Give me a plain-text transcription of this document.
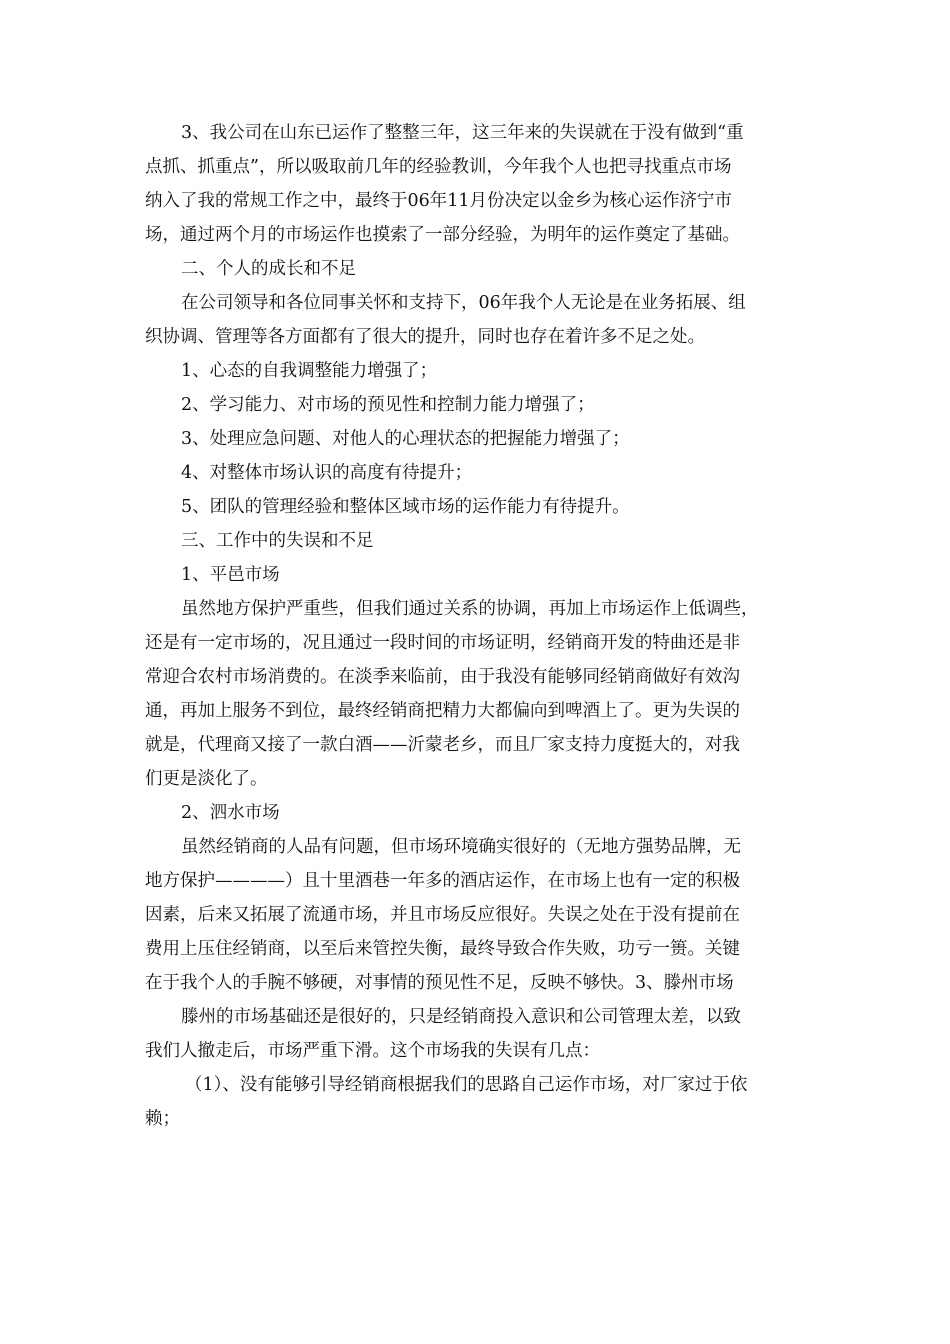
3、我公司在山东已运作了整整三年，这三年来的失误就在于没有做到“重
点抓、抓重点”，所以吸取前几年的经验教训，今年我个人也把寻找重点市场
纳入了我的常规工作之中，最终于06年11月份决定以金乡为核心运作济宁市
场，通过两个月的市场运作也摸索了一部分经验，为明年的运作奠定了基础。

二、个人的成长和不足

在公司领导和各位同事关怀和支持下，06年我个人无论是在业务拓展、组
织协调、管理等各方面都有了很大的提升，同时也存在着许多不足之处。

1、心态的自我调整能力增强了；

2、学习能力、对市场的预见性和控制力能力增强了；

3、处理应急问题、对他人的心理状态的把握能力增强了；

4、对整体市场认识的高度有待提升；

5、团队的管理经验和整体区域市场的运作能力有待提升。

三、工作中的失误和不足

1、平邑市场

虽然地方保护严重些，但我们通过关系的协调，再加上市场运作上低调些，
还是有一定市场的，况且通过一段时间的市场证明，经销商开发的特曲还是非
常迎合农村市场消费的。在淡季来临前，由于我没有能够同经销商做好有效沟
通，再加上服务不到位，最终经销商把精力大都偏向到啤酒上了。更为失误的
就是，代理商又接了一款白酒——沂蒙老乡，而且厂家支持力度挺大的，对我
们更是淡化了。

2、泗水市场

虽然经销商的人品有问题，但市场环境确实很好的（无地方强势品牌，无
地方保护————）且十里酒巷一年多的酒店运作，在市场上也有一定的积极
因素，后来又拓展了流通市场，并且市场反应很好。失误之处在于没有提前在
费用上压住经销商，以至后来管控失衡，最终导致合作失败，功亏一篑。关键
在于我个人的手腕不够硬，对事情的预见性不足，反映不够快。3、滕州市场

滕州的市场基础还是很好的，只是经销商投入意识和公司管理太差，以致
我们人撤走后，市场严重下滑。这个市场我的失误有几点：

（1）、没有能够引导经销商根据我们的思路自己运作市场，对厂家过于依
赖；
